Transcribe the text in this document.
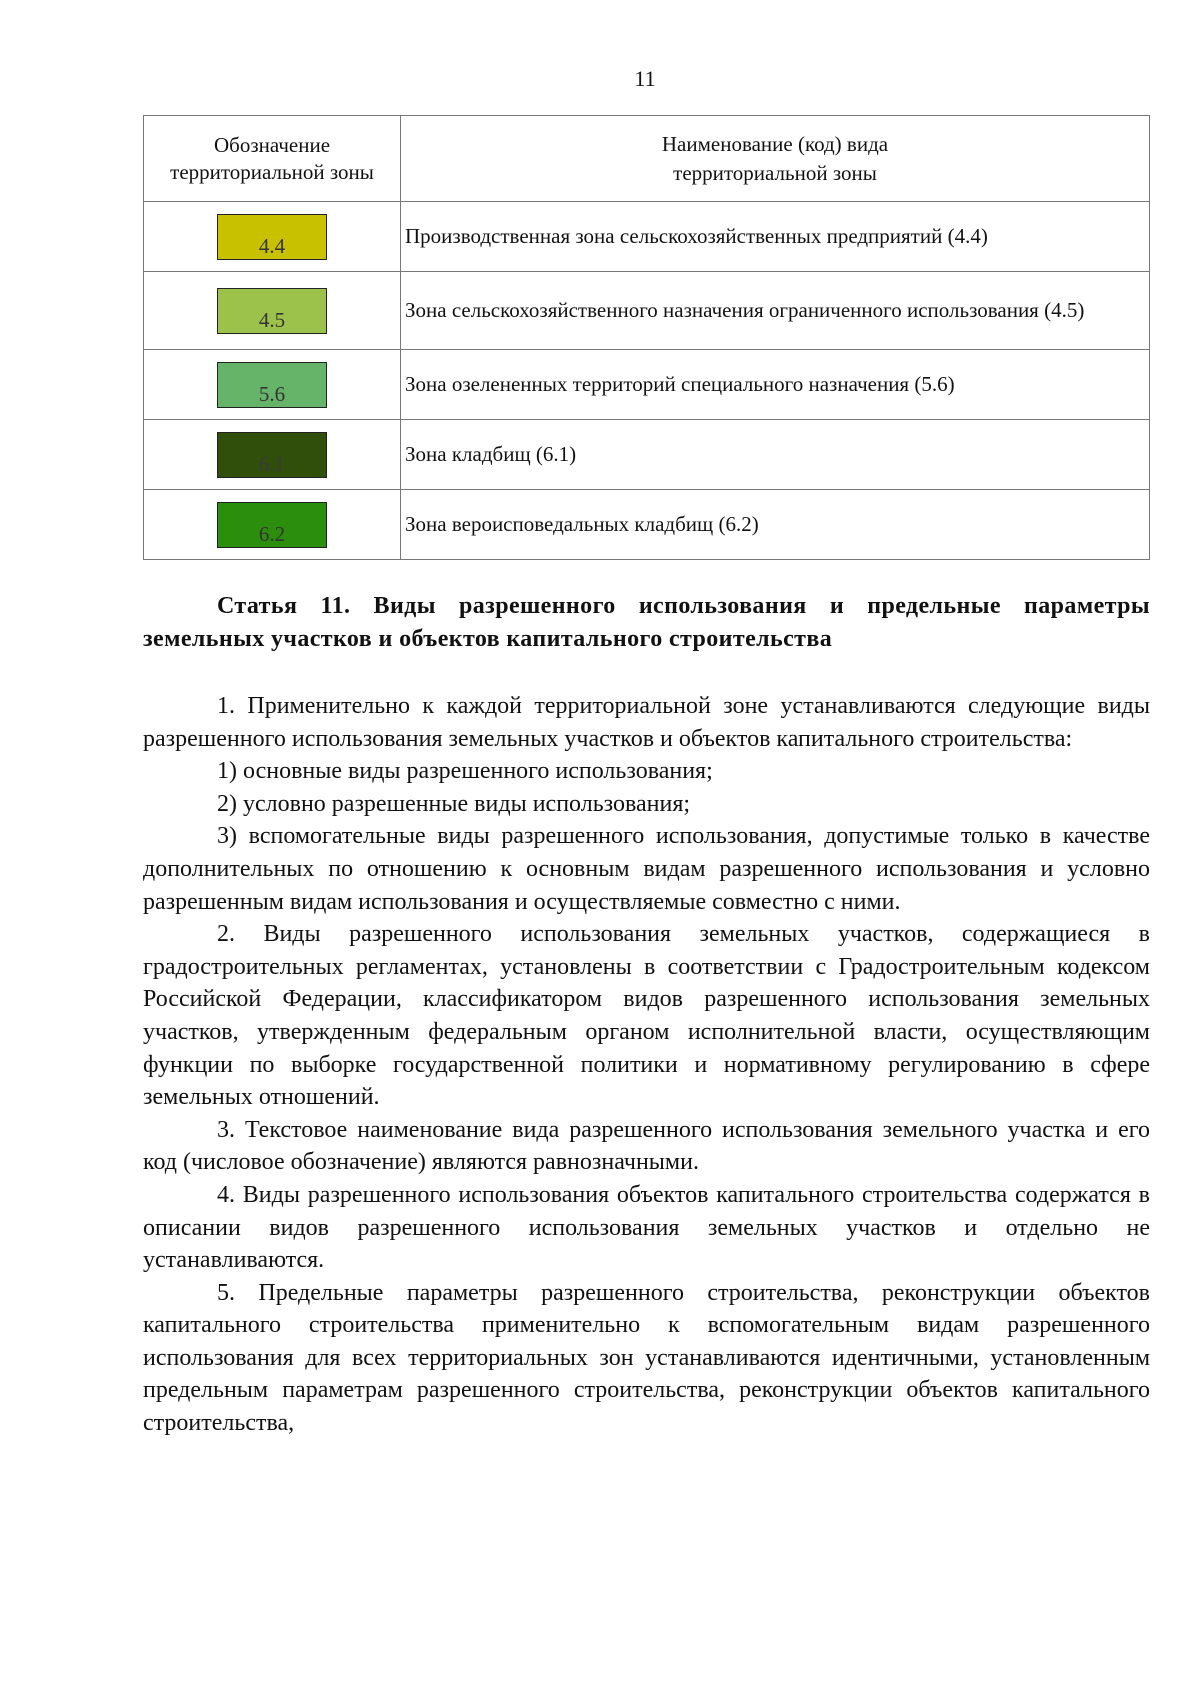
11
Обозначение территориальной зоны	Наименование (код) вида
территориальной зоны

4.4	Производственная зона сельскохозяйственных предприятий (4.4)
4.5	Зона сельскохозяйственного назначения ограниченного использования (4.5)
5.6	Зона озелененных территорий специального назначения (5.6)
6.1	Зона кладбищ (6.1)
6.2	Зона вероисповедальных кладбищ (6.2)
Статья 11. Виды разрешенного использования и предельные параметры земельных участков и объектов капитального строительства

1. Применительно к каждой территориальной зоне устанавливаются следующие виды разрешенного использования земельных участков и объектов капитального строительства:

1) основные виды разрешенного использования;

2) условно разрешенные виды использования;

3) вспомогательные виды разрешенного использования, допустимые только в качестве дополнительных по отношению к основным видам разрешенного использования и условно разрешенным видам использования и осуществляемые совместно с ними.

2. Виды разрешенного использования земельных участков, содержащиеся в градостроительных регламентах, установлены в соответствии с Градостроительным кодексом Российской Федерации, классификатором видов разрешенного использования земельных участков, утвержденным федеральным органом исполнительной власти, осуществляющим функции по выборке государственной политики и нормативному регулированию в сфере земельных отношений.

3. Текстовое наименование вида разрешенного использования земельного участка и его код (числовое обозначение) являются равнозначными.

4. Виды разрешенного использования объектов капитального строительства содержатся в описании видов разрешенного использования земельных участков и отдельно не устанавливаются.

5. Предельные параметры разрешенного строительства, реконструкции объектов капитального строительства применительно к вспомогательным видам разрешенного использования для всех территориальных зон устанавливаются идентичными, установленным предельным параметрам разрешенного строительства, реконструкции объектов капитального строительства,
